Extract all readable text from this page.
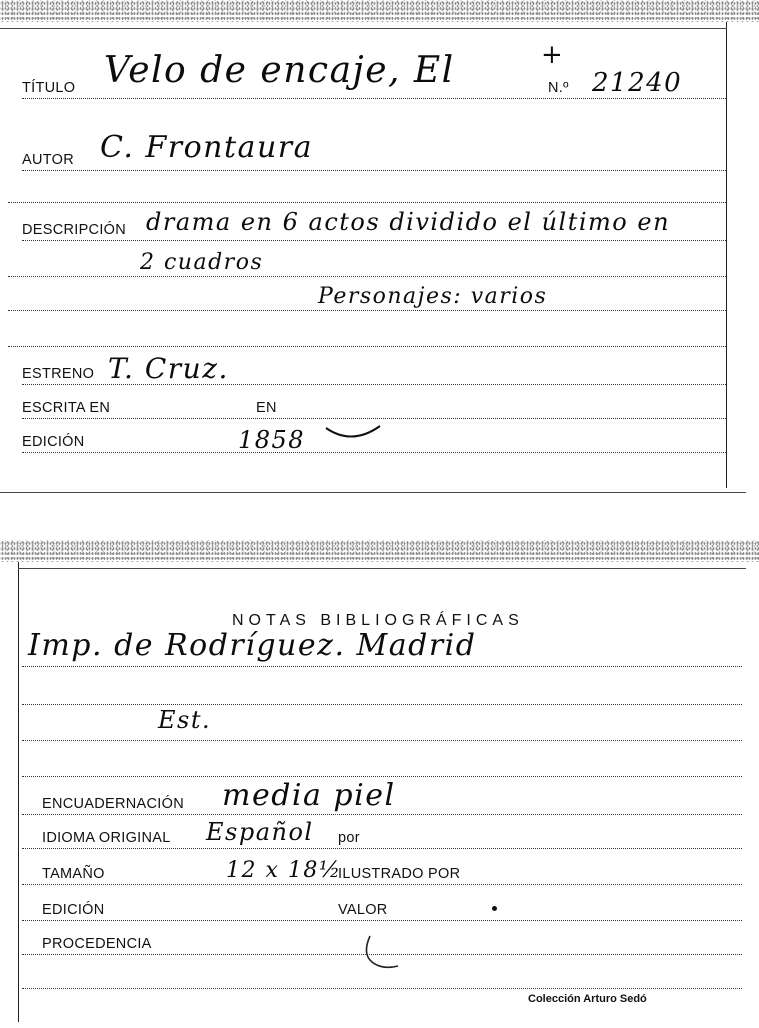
TÍTULO Velo de encaje, El	+
N.º 21240
AUTOR C. Frontaura
DESCRIPCIÓN drama en 6 actos dividido el último en
2 cuadros
Personajes: varios
ESTRENO T. Cruz.
ESCRITA EN	EN
EDICIÓN	1858
NOTAS BIBLIOGRÁFICAS
Imp. de Rodríguez. Madrid
Est.
ENCUADERNACIÓN media piel
IDIOMA ORIGINAL Español por
TAMAÑO	12 x 18½
ILUSTRADO POR
EDICIÓN	VALOR
PROCEDENCIA
Colección Arturo Sedó
